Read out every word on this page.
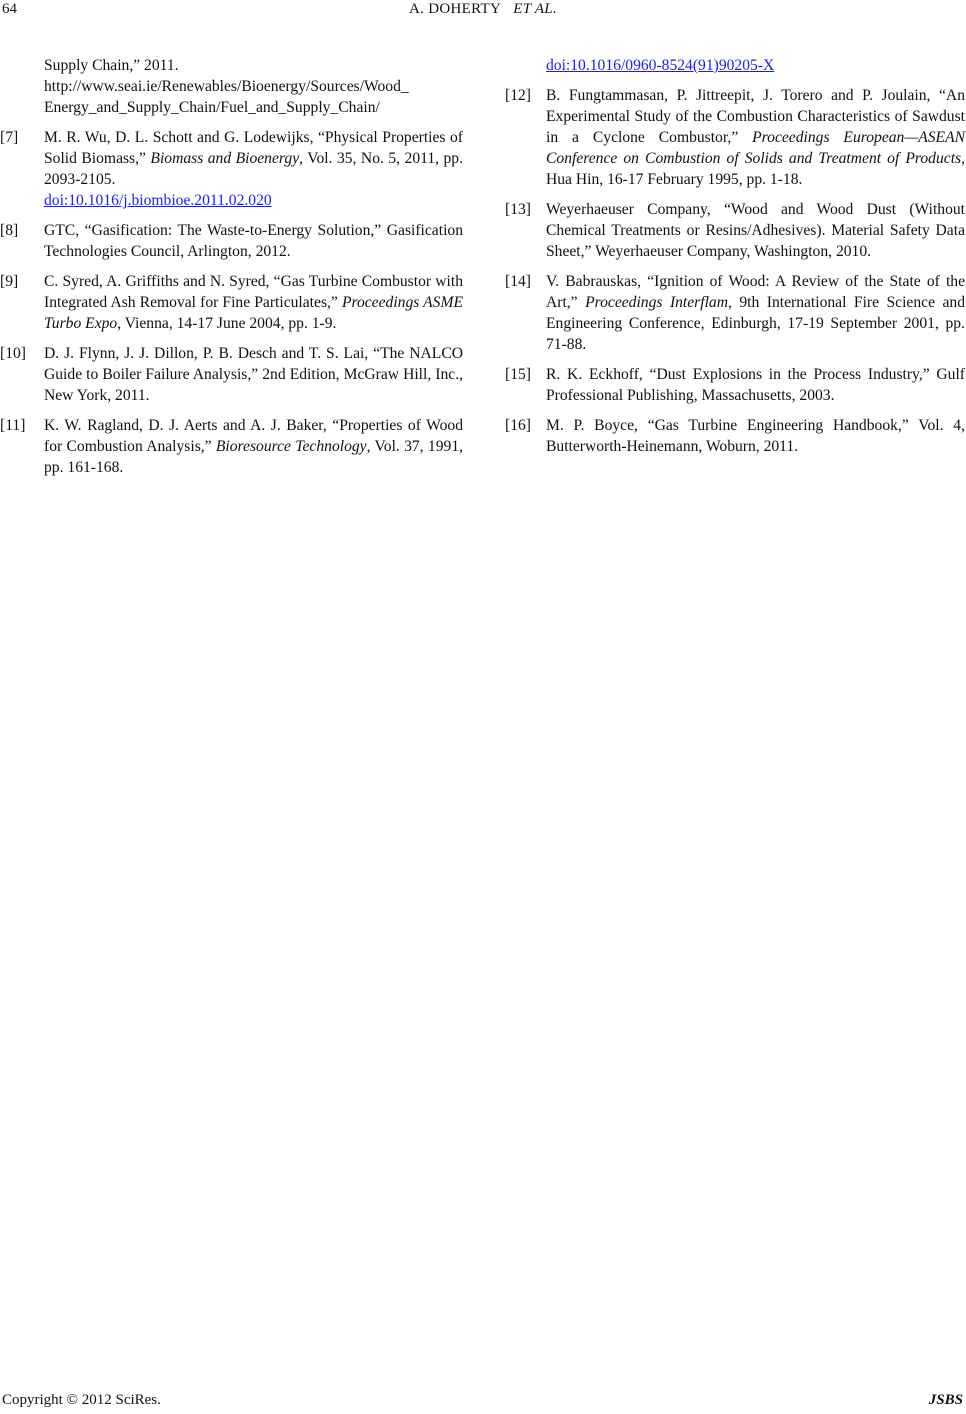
64	A. DOHERTY ET AL.
Supply Chain,” 2011.
http://www.seai.ie/Renewables/Bioenergy/Sources/Wood_
Energy_and_Supply_Chain/Fuel_and_Supply_Chain/
[7] M. R. Wu, D. L. Schott and G. Lodewijks, “Physical Properties of Solid Biomass,” Biomass and Bioenergy, Vol. 35, No. 5, 2011, pp. 2093-2105.
doi:10.1016/j.biombioe.2011.02.020
[8] GTC, “Gasification: The Waste-to-Energy Solution,” Gasification Technologies Council, Arlington, 2012.
[9] C. Syred, A. Griffiths and N. Syred, “Gas Turbine Combustor with Integrated Ash Removal for Fine Particulates,” Proceedings ASME Turbo Expo, Vienna, 14-17 June 2004, pp. 1-9.
[10] D. J. Flynn, J. J. Dillon, P. B. Desch and T. S. Lai, “The NALCO Guide to Boiler Failure Analysis,” 2nd Edition, McGraw Hill, Inc., New York, 2011.
[11] K. W. Ragland, D. J. Aerts and A. J. Baker, “Properties of Wood for Combustion Analysis,” Bioresource Technology, Vol. 37, 1991, pp. 161-168.
doi:10.1016/0960-8524(91)90205-X
[12] B. Fungtammasan, P. Jittreepit, J. Torero and P. Joulain, “An Experimental Study of the Combustion Characteristics of Sawdust in a Cyclone Combustor,” Proceedings European—ASEAN Conference on Combustion of Solids and Treatment of Products, Hua Hin, 16-17 February 1995, pp. 1-18.
[13] Weyerhaeuser Company, “Wood and Wood Dust (Without Chemical Treatments or Resins/Adhesives). Material Safety Data Sheet,” Weyerhaeuser Company, Washington, 2010.
[14] V. Babrauskas, “Ignition of Wood: A Review of the State of the Art,” Proceedings Interflam, 9th International Fire Science and Engineering Conference, Edinburgh, 17-19 September 2001, pp. 71-88.
[15] R. K. Eckhoff, “Dust Explosions in the Process Industry,” Gulf Professional Publishing, Massachusetts, 2003.
[16] M. P. Boyce, “Gas Turbine Engineering Handbook,” Vol. 4, Butterworth-Heinemann, Woburn, 2011.
Copyright © 2012 SciRes.	JSBS
